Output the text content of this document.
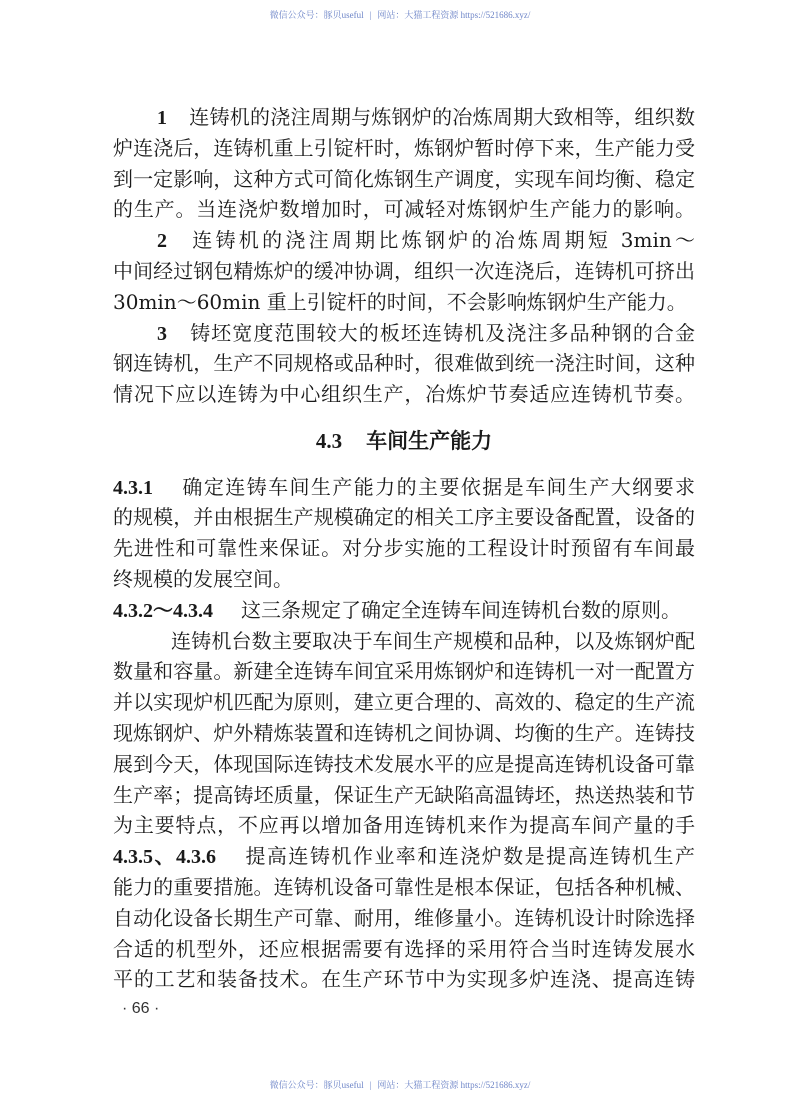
微信公众号：豚贝useful | 网站：大猫工程资源 https://521686.xyz/
1 连铸机的浇注周期与炼钢炉的冶炼周期大致相等，组织数
炉连浇后，连铸机重上引锭杆时，炼钢炉暂时停下来，生产能力受
到一定影响，这种方式可简化炼钢生产调度，实现车间均衡、稳定
的生产。当连浇炉数增加时，可减轻对炼钢炉生产能力的影响。
2 连铸机的浇注周期比炼钢炉的冶炼周期短 3min～
中间经过钢包精炼炉的缓冲协调，组织一次连浇后，连铸机可挤出
30min～60min 重上引锭杆的时间，不会影响炼钢炉生产能力。
3 铸坯宽度范围较大的板坯连铸机及浇注多品种钢的合金
钢连铸机，生产不同规格或品种时，很难做到统一浇注时间，这种
情况下应以连铸为中心组织生产，冶炼炉节奏适应连铸机节奏。
4.3 车间生产能力
4.3.1 确定连铸车间生产能力的主要依据是车间生产大纲要求
的规模，并由根据生产规模确定的相关工序主要设备配置，设备的
先进性和可靠性来保证。对分步实施的工程设计时预留有车间最
终规模的发展空间。
4.3.2～4.3.4 这三条规定了确定全连铸车间连铸机台数的原则。
连铸机台数主要取决于车间生产规模和品种，以及炼钢炉配
数量和容量。新建全连铸车间宜采用炼钢炉和连铸机一对一配置方
并以实现炉机匹配为原则，建立更合理的、高效的、稳定的生产流
现炼钢炉、炉外精炼装置和连铸机之间协调、均衡的生产。连铸技
展到今天，体现国际连铸技术发展水平的应是提高连铸机设备可靠
生产率；提高铸坯质量，保证生产无缺陷高温铸坯，热送热装和节
为主要特点，不应再以增加备用连铸机来作为提高车间产量的手
4.3.5、4.3.6 提高连铸机作业率和连浇炉数是提高连铸机生产
能力的重要措施。连铸机设备可靠性是根本保证，包括各种机械、
自动化设备长期生产可靠、耐用，维修量小。连铸机设计时除选择
合适的机型外，还应根据需要有选择的采用符合当时连铸发展水
平的工艺和装备技术。在生产环节中为实现多炉连浇、提高连铸
· 66 ·
微信公众号：豚贝useful | 网站：大猫工程资源 https://521686.xyz/
